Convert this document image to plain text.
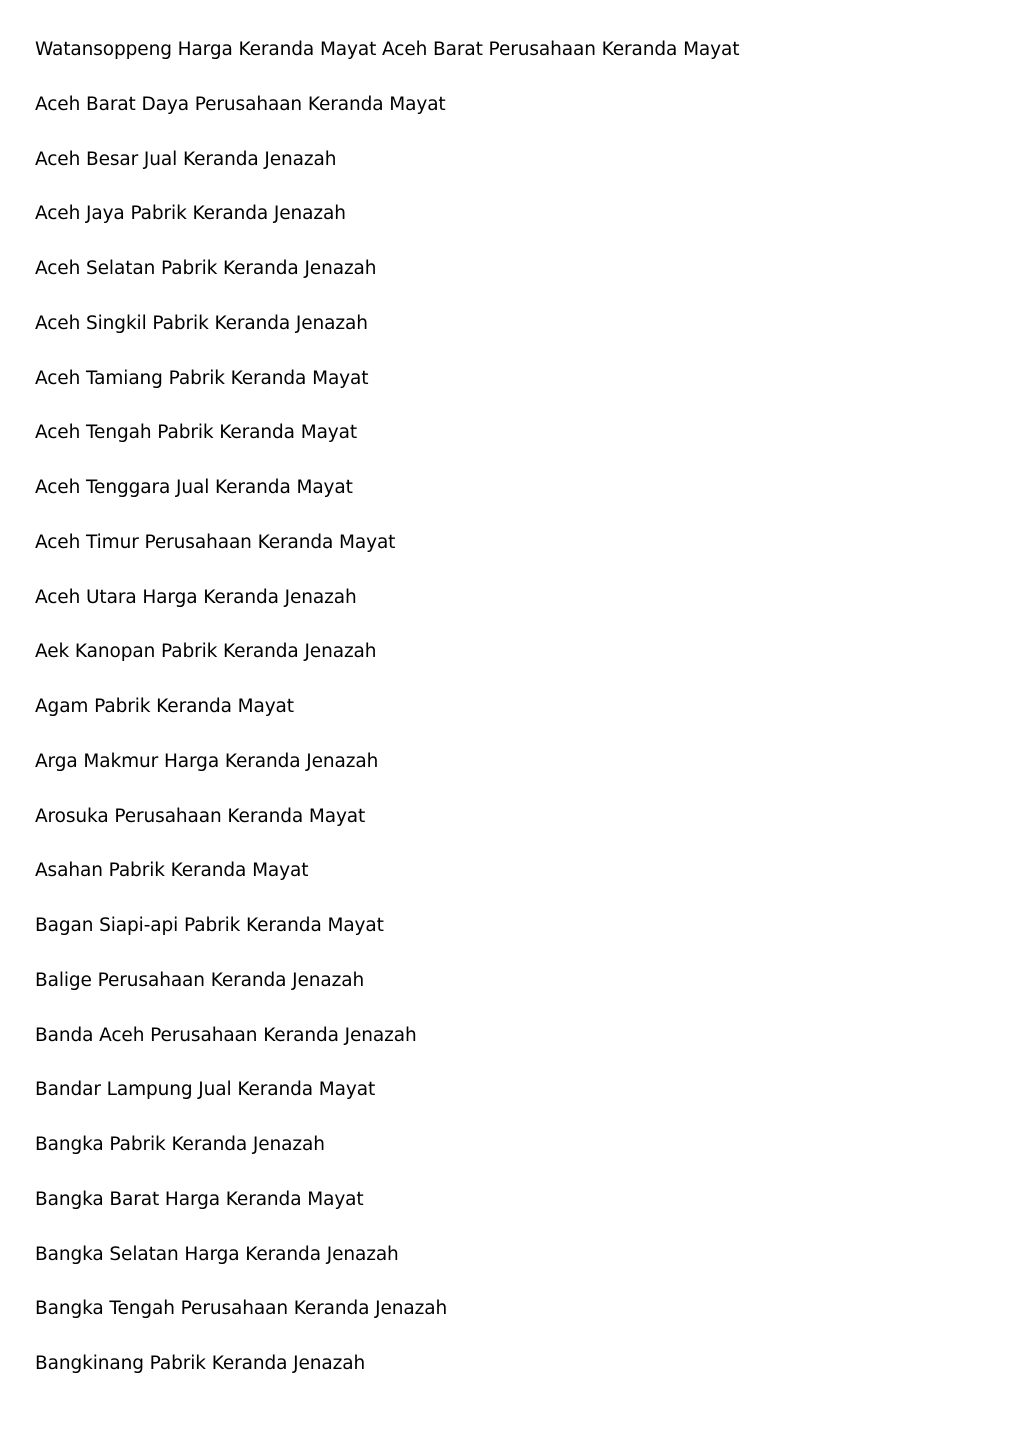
Watansoppeng Harga Keranda Mayat Aceh Barat Perusahaan Keranda Mayat
Aceh Barat Daya Perusahaan Keranda Mayat
Aceh Besar Jual Keranda Jenazah
Aceh Jaya Pabrik Keranda Jenazah
Aceh Selatan Pabrik Keranda Jenazah
Aceh Singkil Pabrik Keranda Jenazah
Aceh Tamiang Pabrik Keranda Mayat
Aceh Tengah Pabrik Keranda Mayat
Aceh Tenggara Jual Keranda Mayat
Aceh Timur Perusahaan Keranda Mayat
Aceh Utara Harga Keranda Jenazah
Aek Kanopan Pabrik Keranda Jenazah
Agam Pabrik Keranda Mayat
Arga Makmur Harga Keranda Jenazah
Arosuka Perusahaan Keranda Mayat
Asahan Pabrik Keranda Mayat
Bagan Siapi-api Pabrik Keranda Mayat
Balige Perusahaan Keranda Jenazah
Banda Aceh Perusahaan Keranda Jenazah
Bandar Lampung Jual Keranda Mayat
Bangka Pabrik Keranda Jenazah
Bangka Barat Harga Keranda Mayat
Bangka Selatan Harga Keranda Jenazah
Bangka Tengah Perusahaan Keranda Jenazah
Bangkinang Pabrik Keranda Jenazah
